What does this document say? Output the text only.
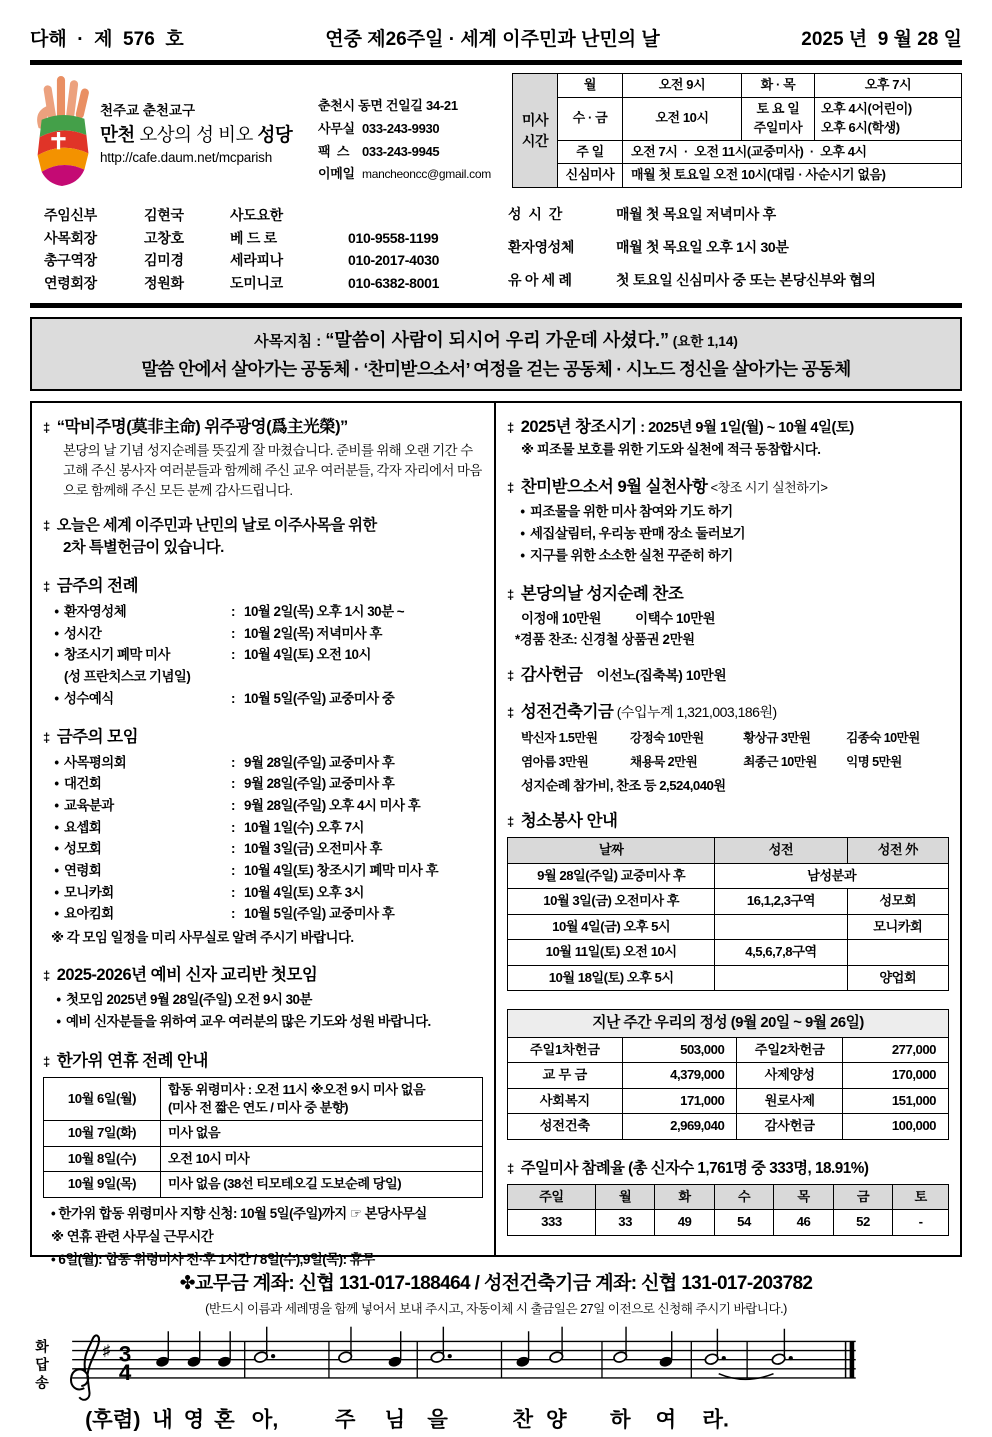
다해  ·  제  576  호	연중 제26주일 · 세계 이주민과 난민의 날	2025 년  9 월 28 일
천주교 춘천교구
만천 오상의 성 비오 성당
http://cafe.daum.net/mcparish
춘천시 동면 건일길 34-21
사무실 033-243-9930
팩  스 033-243-9945
이메일 mancheoncc@gmail.com
미사
시간	월	오전 9시	화 · 목	오후 7시
	수 · 금	오전 10시	토 요 일
주일미사	오후 4시(어린이)
오후 6시(학생)
	주 일	오전 7시  ·  오전 11시(교중미사)  ·  오후 4시		
	신심미사	매월 첫 토요일 오전 10시(대림 · 사순시기 없음)		
주임신부	김현국	사도요한
사목회장	고창호	베 드 로	010-9558-1199
총구역장	김미경	세라피나	010-2017-4030
연령회장	정원화	도미니코	010-6382-8001
성  시  간	매월 첫 목요일 저녁미사 후
환자영성체	매월 첫 목요일 오후 1시 30분
유 아 세 례	첫 토요일 신심미사 중 또는 본당신부와 협의
사목지침 : “말씀이 사람이 되시어 우리 가운데 사셨다.” (요한 1,14)
말씀 안에서 살아가는 공동체 · ‘찬미받으소서’ 여정을 걷는 공동체 · 시노드 정신을 살아가는 공동체
‡ “막비주명(莫非主命) 위주광영(爲主光榮)”
본당의 날 기념 성지순례를 뜻깊게 잘 마쳤습니다. 준비를 위해 오랜 기간 수고해 주신 봉사자 여러분들과 함께해 주신 교우 여러분들, 각자 자리에서 마음으로 함께해 주신 모든 분께 감사드립니다.
‡ 오늘은 세계 이주민과 난민의 날로 이주사목을 위한
2차 특별헌금이 있습니다.
‡ 금주의 전례
• 환자영성체	: 10월 2일(목) 오후 1시 30분 ~
• 성시간	: 10월 2일(목) 저녁미사 후
• 창조시기 폐막 미사	: 10월 4일(토) 오전 10시
(성 프란치스코 기념일)
• 성수예식	: 10월 5일(주일) 교중미사 중
‡ 금주의 모임
• 사목평의회	: 9월 28일(주일) 교중미사 후
• 대건회	: 9월 28일(주일) 교중미사 후
• 교육분과	: 9월 28일(주일) 오후 4시 미사 후
• 요셉회	: 10월 1일(수) 오후 7시
• 성모회	: 10월 3일(금) 오전미사 후
• 연령회	: 10월 4일(토) 창조시기 폐막 미사 후
• 모니카회	: 10월 4일(토) 오후 3시
• 요아킴회	: 10월 5일(주일) 교중미사 후
※ 각 모임 일정을 미리 사무실로 알려 주시기 바랍니다.
‡ 2025-2026년 예비 신자 교리반 첫모임
• 첫모임 2025년 9월 28일(주일) 오전 9시 30분
• 예비 신자분들을 위하여 교우 여러분의 많은 기도와 성원 바랍니다.
‡ 한가위 연휴 전례 안내
10월 6일(월)	합동 위령미사 : 오전 11시 ※오전 9시 미사 없음
(미사 전 짧은 연도 / 미사 중 분향)
10월 7일(화)	미사 없음
10월 8일(수)	오전 10시 미사
10월 9일(목)	미사 없음 (38선 티모테오길 도보순례 당일)
• 한가위 합동 위령미사 지향 신청: 10월 5일(주일)까지 ☞ 본당사무실
※ 연휴 관련 사무실 근무시간
• 6일(월): 합동 위령미사 전·후 1시간 / 8일(수),9일(목): 휴무
‡ 2025년 창조시기 : 2025년 9월 1일(월) ~ 10월 4일(토)
※ 피조물 보호를 위한 기도와 실천에 적극 동참합시다.
‡ 찬미받으소서 9월 실천사항 <창조 시기 실천하기>
• 피조물을 위한 미사 참여와 기도 하기
• 세집살림터, 우리농 판매 장소 둘러보기
• 지구를 위한 소소한 실천 꾸준히 하기
‡ 본당의날 성지순례 찬조
이정애 10만원	이택수 10만원
*경품 찬조: 신경철 상품권 2만원
‡ 감사헌금 이선노(집축복) 10만원
‡ 성전건축기금 (수입누계 1,321,003,186원)
박신자 1.5만원	강정숙 10만원	황상규 3만원	김종숙 10만원
염아름 3만원	채용묵 2만원	최종근 10만원	익명 5만원
성지순례 참가비, 찬조 등 2,524,040원
‡ 청소봉사 안내
날짜	성전	성전 外
9월 28일(주일) 교중미사 후	남성분과	
10월 3일(금) 오전미사 후	16,1,2,3구역	성모회
10월 4일(금) 오후 5시		모니카회
10월 11일(토) 오전 10시	4,5,6,7,8구역	
10월 18일(토) 오후 5시		양업회
지난 주간 우리의 정성 (9월 20일 ~ 9월 26일)			
주일1차헌금	503,000	주일2차헌금	277,000
교 무 금	4,379,000	사제양성	170,000
사회복지	171,000	원로사제	151,000
성전건축	2,969,040	감사헌금	100,000
‡ 주일미사 참례율 (총 신자수 1,761명 중 333명, 18.91%)
주일	월	화	수	목	금	토
333	33	49	54	46	52	-
✤교무금 계좌: 신협 131-017-188464 / 성전건축기금 계좌: 신협 131-017-203782
(반드시 이름과 세례명을 함께 넣어서 보내 주시고, 자동이체 시 출금일은 27일 이전으로 신청해 주시기 바랍니다.)
화답송	♯ 3
4
(후렴) 내 영 혼 아,	주 님 을	찬 양 하 여 라.
